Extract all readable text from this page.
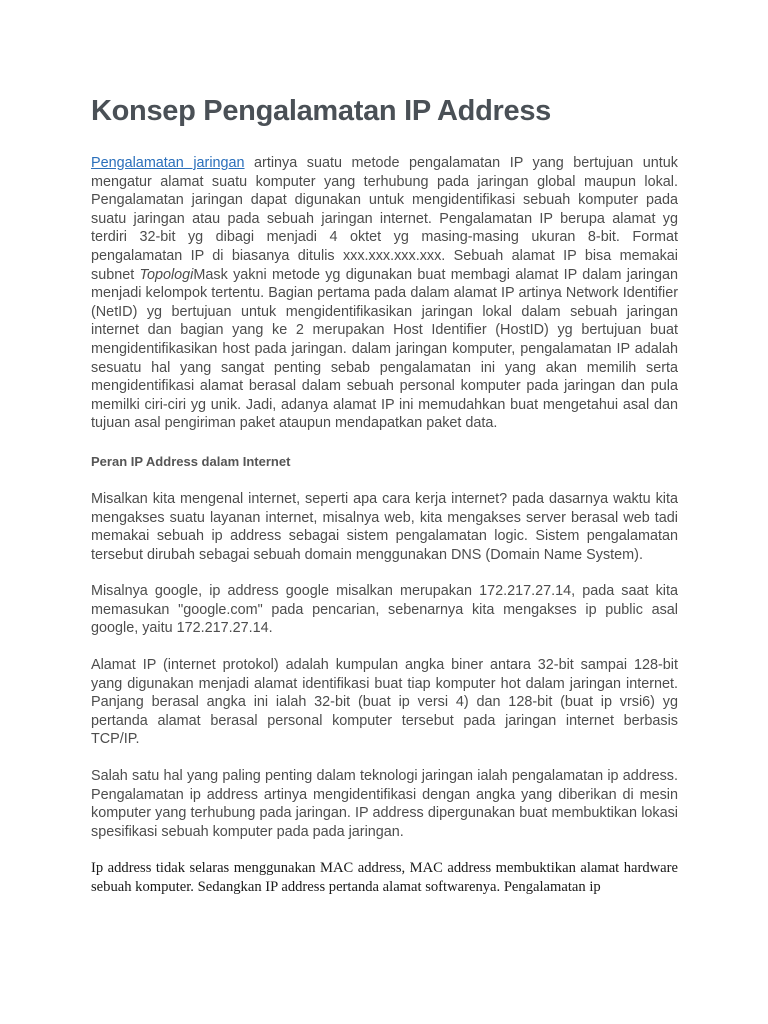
Konsep Pengalamatan IP Address

Pengalamatan jaringan artinya suatu metode pengalamatan IP yang bertujuan untuk mengatur alamat suatu komputer yang terhubung pada jaringan global maupun lokal. Pengalamatan jaringan dapat digunakan untuk mengidentifikasi sebuah komputer pada suatu jaringan atau pada sebuah jaringan internet. Pengalamatan IP berupa alamat yg terdiri 32-bit yg dibagi menjadi 4 oktet yg masing-masing ukuran 8-bit. Format pengalamatan IP di biasanya ditulis xxx.xxx.xxx.xxx. Sebuah alamat IP bisa memakai subnet TopologiMask yakni metode yg digunakan buat membagi alamat IP dalam jaringan menjadi kelompok tertentu. Bagian pertama pada dalam alamat IP artinya Network Identifier (NetID) yg bertujuan untuk mengidentifikasikan jaringan lokal dalam sebuah jaringan internet dan bagian yang ke 2 merupakan Host Identifier (HostID) yg bertujuan buat mengidentifikasikan host pada jaringan. dalam jaringan komputer, pengalamatan IP adalah sesuatu hal yang sangat penting sebab pengalamatan ini yang akan memilih serta mengidentifikasi alamat berasal dalam sebuah personal komputer pada jaringan dan pula memilki ciri-ciri yg unik. Jadi, adanya alamat IP ini memudahkan buat mengetahui asal dan tujuan asal pengiriman paket ataupun mendapatkan paket data.

Peran IP Address dalam Internet

Misalkan kita mengenal internet, seperti apa cara kerja internet? pada dasarnya waktu kita mengakses suatu layanan internet, misalnya web, kita mengakses server berasal web tadi memakai sebuah ip address sebagai sistem pengalamatan logic. Sistem pengalamatan tersebut dirubah sebagai sebuah domain menggunakan DNS (Domain Name System).

Misalnya google, ip address google misalkan merupakan 172.217.27.14, pada saat kita memasukan "google.com" pada pencarian, sebenarnya kita mengakses ip public asal google, yaitu 172.217.27.14.

Alamat IP (internet protokol) adalah kumpulan angka biner antara 32-bit sampai 128-bit yang digunakan menjadi alamat identifikasi buat tiap komputer hot dalam jaringan internet. Panjang berasal angka ini ialah 32-bit (buat ip versi 4) dan 128-bit (buat ip vrsi6) yg pertanda alamat berasal personal komputer tersebut pada jaringan internet berbasis TCP/IP.

Salah satu hal yang paling penting dalam teknologi jaringan ialah pengalamatan ip address. Pengalamatan ip address artinya mengidentifikasi dengan angka yang diberikan di mesin komputer yang terhubung pada jaringan. IP address dipergunakan buat membuktikan lokasi spesifikasi sebuah komputer pada pada jaringan.

Ip address tidak selaras menggunakan MAC address, MAC address membuktikan alamat hardware sebuah komputer. Sedangkan IP address pertanda alamat softwarenya. Pengalamatan ip
